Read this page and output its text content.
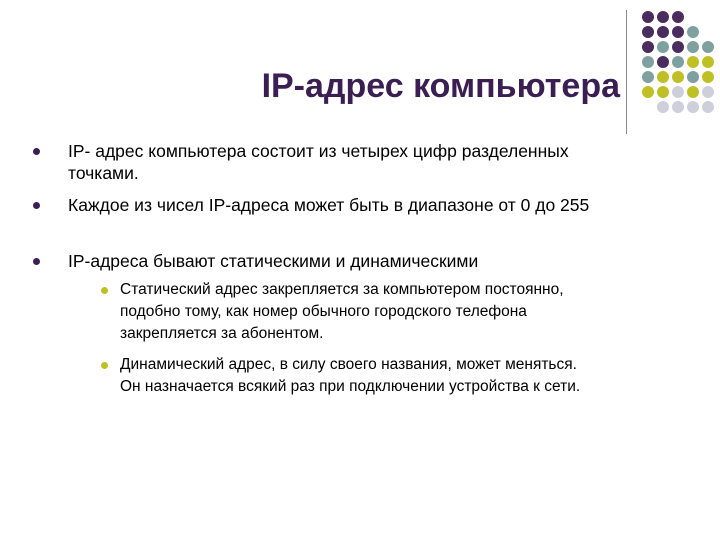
IP-адрес компьютера
IP- адрес компьютера состоит из четырех цифр разделенных
точками.
Каждое из чисел IP-адреса может быть в диапазоне от 0 до 255
IP-адреса бывают статическими и динамическими
Статический адрес закрепляется за компьютером постоянно,
подобно тому, как номер обычного городского телефона
закрепляется за абонентом.
Динамический адрес, в силу своего названия, может меняться.
Он назначается всякий раз при подключении устройства к сети.
